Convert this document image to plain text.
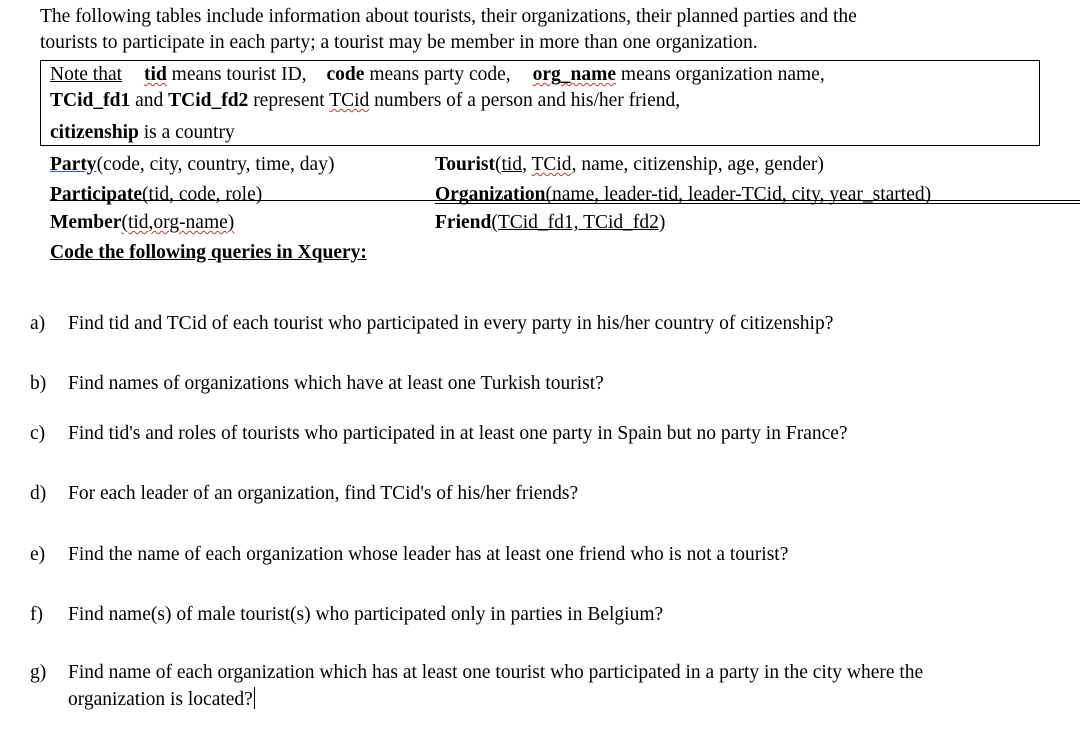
The following tables include information about tourists, their organizations, their planned parties and the
tourists to participate in each party; a tourist may be member in more than one organization.
Note that tid means tourist ID, code means party code, org_name means organization name,
TCid_fd1 and TCid_fd2 represent TCid numbers of a person and his/her friend,
citizenship is a country
Party(code, city, country, time, day)
Participate(tid, code, role)
Member(tid,org-name)
Tourist(tid, TCid, name, citizenship, age, gender)
Organization(name, leader-tid, leader-TCid, city, year_started)
Friend(TCid_fd1, TCid_fd2)
Code the following queries in Xquery:
a) Find tid and TCid of each tourist who participated in every party in his/her country of citizenship?
b) Find names of organizations which have at least one Turkish tourist?
c) Find tid's and roles of tourists who participated in at least one party in Spain but no party in France?
d) For each leader of an organization, find TCid's of his/her friends?
e) Find the name of each organization whose leader has at least one friend who is not a tourist?
f) Find name(s) of male tourist(s) who participated only in parties in Belgium?
g) Find name of each organization which has at least one tourist who participated in a party in the city where the
organization is located?
